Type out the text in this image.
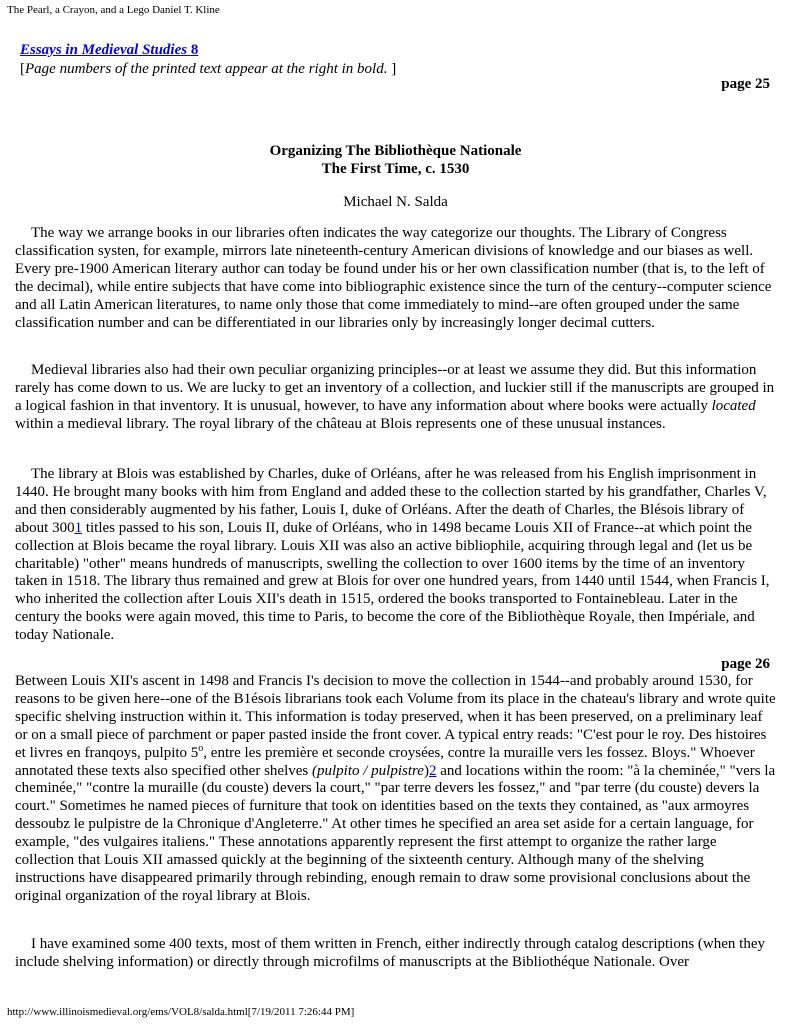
The Pearl, a Crayon, and a Lego Daniel T. Kline
Essays in Medieval Studies 8
[Page numbers of the printed text appear at the right in bold. ]
page 25
Organizing The Bibliothèque Nationale
The First Time, c. 1530
Michael N. Salda

The way we arrange books in our libraries often indicates the way categorize our thoughts. The Library of Congress classification systen, for example, mirrors late nineteenth-century American divisions of knowledge and our biases as well. Every pre-1900 American literary author can today be found under his or her own classification number (that is, to the left of the decimal), while entire subjects that have come into bibliographic existence since the turn of the century--computer science and all Latin American literatures, to name only those that come immediately to mind--are often grouped under the same classification number and can be differentiated in our libraries only by increasingly longer decimal cutters.

Medieval libraries also had their own peculiar organizing principles--or at least we assume they did. But this information rarely has come down to us. We are lucky to get an inventory of a collection, and luckier still if the manuscripts are grouped in a logical fashion in that inventory. It is unusual, however, to have any information about where books were actually located within a medieval library. The royal library of the château at Blois represents one of these unusual instances.

The library at Blois was established by Charles, duke of Orléans, after he was released from his English imprisonment in 1440. He brought many books with him from England and added these to the collection started by his grandfather, Charles V, and then considerably augmented by his father, Louis I, duke of Orléans. After the death of Charles, the Blésois library of about 3001 titles passed to his son, Louis II, duke of Orléans, who in 1498 became Louis XII of France--at which point the collection at Blois became the royal library. Louis XII was also an active bibliophile, acquiring through legal and (let us be charitable) "other" means hundreds of manuscripts, swelling the collection to over 1600 items by the time of an inventory taken in 1518. The library thus remained and grew at Blois for over one hundred years, from 1440 until 1544, when Francis I, who inherited the collection after Louis XII's death in 1515, ordered the books transported to Fontainebleau. Later in the century the books were again moved, this time to Paris, to become the core of the Bibliothèque Royale, then Impériale, and today Nationale.

page 26

Between Louis XII's ascent in 1498 and Francis I's decision to move the collection in 1544--and probably around 1530, for reasons to be given here--one of the B1ésois librarians took each Volume from its place in the chateau's library and wrote quite specific shelving instruction within it. This information is today preserved, when it has been preserved, on a preliminary leaf or on a small piece of parchment or paper pasted inside the front cover. A typical entry reads: "C'est pour le roy. Des histoires et livres en franqoys, pulpito 5$^o$, entre les première et seconde croysées, contre la muraille vers les fossez. Bloys." Whoever annotated these texts also specified other shelves (pulpito / pulpistre)2 and locations within the room: "à la cheminée," "vers la cheminée," "contre la muraille (du couste) devers la court," "par terre devers les fossez," and "par terre (du couste) devers la court." Sometimes he named pieces of furniture that took on identities based on the texts they contained, as "aux armoyres dessoubz le pulpistre de la Chronique d'Angleterre." At other times he specified an area set aside for a certain language, for example, "des vulgaires italiens." These annotations apparently represent the first attempt to organize the rather large collection that Louis XII amassed quickly at the beginning of the sixteenth century. Although many of the shelving instructions have disappeared primarily through rebinding, enough remain to draw some provisional conclusions about the original organization of the royal library at Blois.

I have examined some 400 texts, most of them written in French, either indirectly through catalog descriptions (when they include shelving information) or directly through microfilms of manuscripts at the Bibliothéque Nationale. Over

http://www.illinoismedieval.org/ems/VOL8/salda.html[7/19/2011 7:26:44 PM]
